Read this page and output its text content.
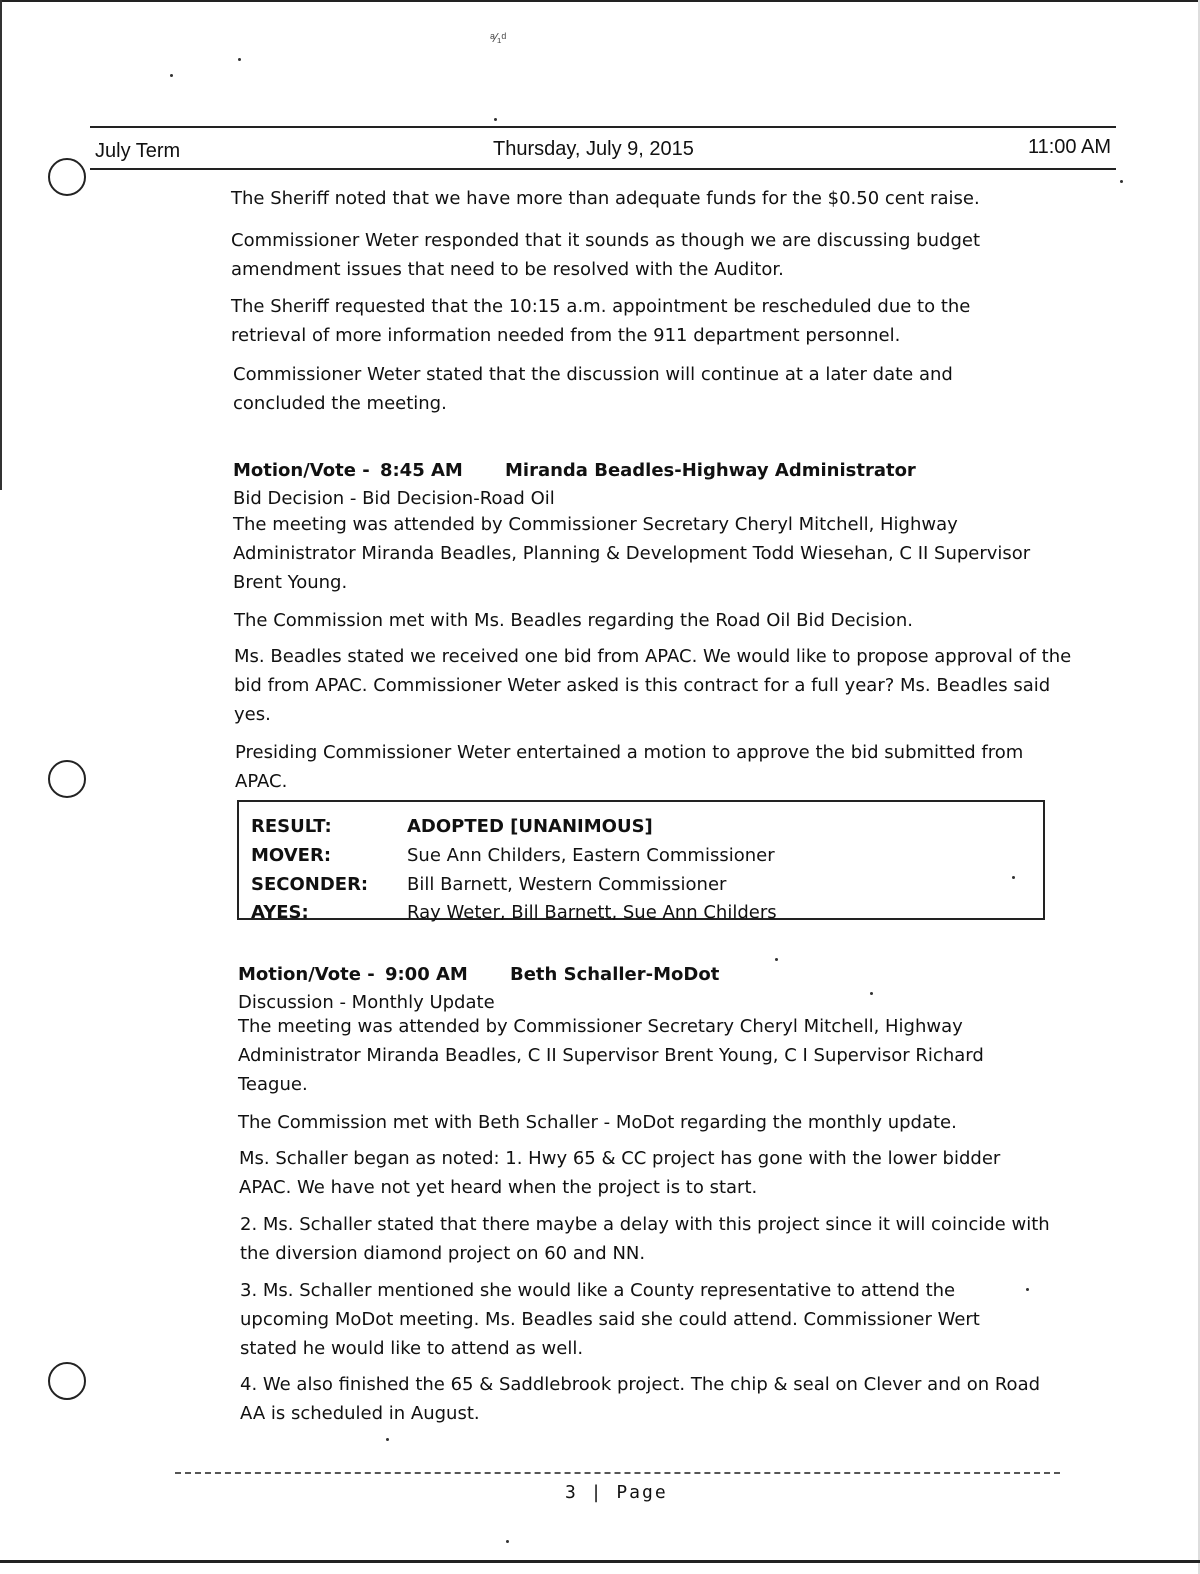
ᵃ⁄₁ᵈ
July Term	Thursday, July 9, 2015	11:00 AM

The Sheriff noted that we have more than adequate funds for the $0.50 cent raise.

Commissioner Weter responded that it sounds as though we are discussing budget amendment issues that need to be resolved with the Auditor.

The Sheriff requested that the 10:15 a.m. appointment be rescheduled due to the retrieval of more information needed from the 911 department personnel.

Commissioner Weter stated that the discussion will continue at a later date and concluded the meeting.

Motion/Vote - 8:45 AM Miranda Beadles-Highway Administrator

Bid Decision - Bid Decision-Road Oil

The meeting was attended by Commissioner Secretary Cheryl Mitchell, Highway Administrator Miranda Beadles, Planning & Development Todd Wiesehan, C II Supervisor Brent Young.

The Commission met with Ms. Beadles regarding the Road Oil Bid Decision.

Ms. Beadles stated we received one bid from APAC. We would like to propose approval of the bid from APAC. Commissioner Weter asked is this contract for a full year? Ms. Beadles said yes.

Presiding Commissioner Weter entertained a motion to approve the bid submitted from APAC.

RESULT:	ADOPTED [UNANIMOUS]
MOVER:	Sue Ann Childers, Eastern Commissioner
SECONDER: Bill Barnett, Western Commissioner
AYES:	Ray Weter, Bill Barnett, Sue Ann Childers
Motion/Vote - 9:00 AM Beth Schaller-MoDot

Discussion - Monthly Update

The meeting was attended by Commissioner Secretary Cheryl Mitchell, Highway Administrator Miranda Beadles, C II Supervisor Brent Young, C I Supervisor Richard Teague.

The Commission met with Beth Schaller - MoDot regarding the monthly update.

Ms. Schaller began as noted: 1. Hwy 65 & CC project has gone with the lower bidder APAC. We have not yet heard when the project is to start.

2. Ms. Schaller stated that there maybe a delay with this project since it will coincide with the diversion diamond project on 60 and NN.

3. Ms. Schaller mentioned she would like a County representative to attend the upcoming MoDot meeting. Ms. Beadles said she could attend. Commissioner Wert stated he would like to attend as well.

4. We also finished the 65 & Saddlebrook project. The chip & seal on Clever and on Road AA is scheduled in August.

3 | Page
